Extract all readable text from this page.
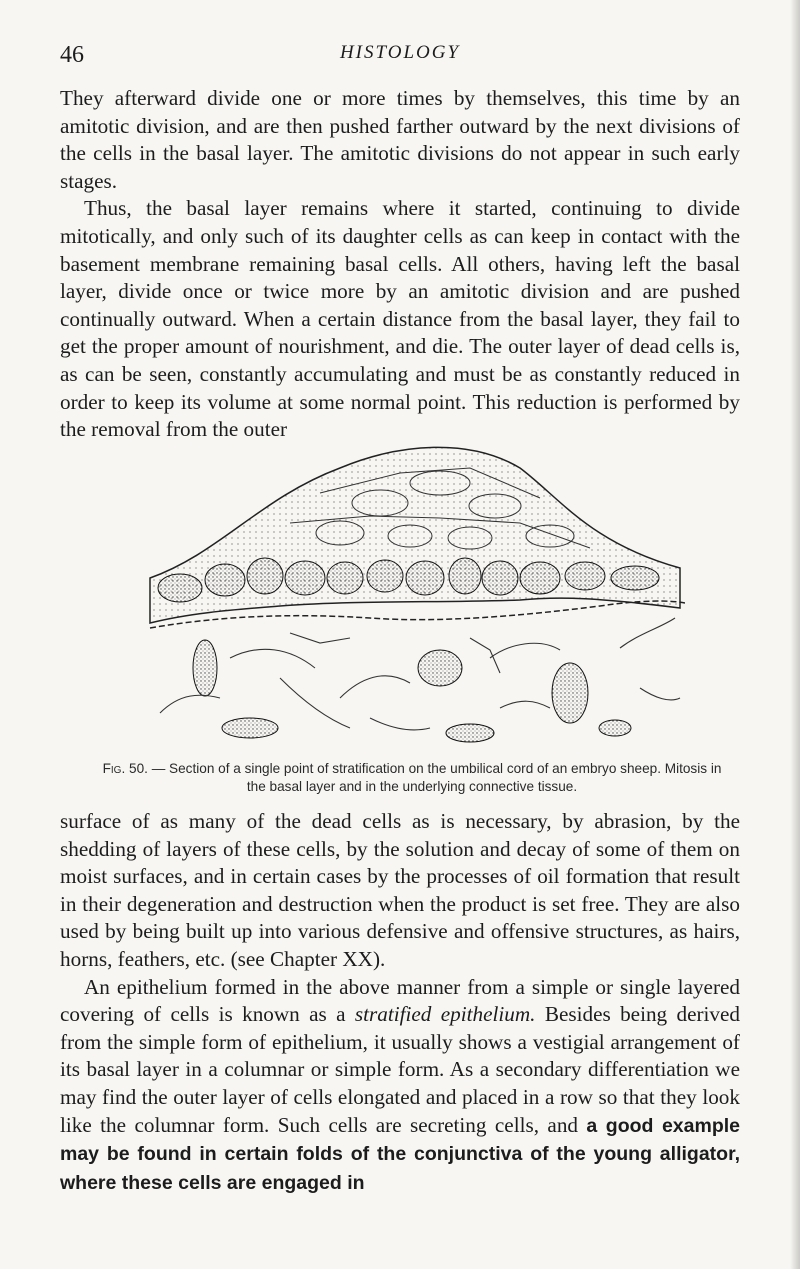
46	HISTOLOGY

They afterward divide one or more times by themselves, this time by an amitotic division, and are then pushed farther outward by the next divisions of the cells in the basal layer. The amitotic divisions do not appear in such early stages.

Thus, the basal layer remains where it started, continuing to divide mitotically, and only such of its daughter cells as can keep in contact with the basement membrane remaining basal cells. All others, having left the basal layer, divide once or twice more by an amitotic division and are pushed continually outward. When a certain distance from the basal layer, they fail to get the proper amount of nourishment, and die. The outer layer of dead cells is, as can be seen, constantly accumulating and must be as constantly reduced in order to keep its volume at some normal point. This reduction is performed by the removal from the outer

Fig. 50. — Section of a single point of stratification on the umbilical cord of an embryo sheep. Mitosis in the basal layer and in the underlying connective tissue.

surface of as many of the dead cells as is necessary, by abrasion, by the shedding of layers of these cells, by the solution and decay of some of them on moist surfaces, and in certain cases by the processes of oil formation that result in their degeneration and destruction when the product is set free. They are also used by being built up into various defensive and offensive structures, as hairs, horns, feathers, etc. (see Chapter XX).

An epithelium formed in the above manner from a simple or single layered covering of cells is known as a stratified epithelium. Besides being derived from the simple form of epithelium, it usually shows a vestigial arrangement of its basal layer in a columnar or simple form. As a secondary differentiation we may find the outer layer of cells elongated and placed in a row so that they look like the columnar form. Such cells are secreting cells, and a good example may be found in certain folds of the conjunctiva of the young alligator, where these cells are engaged in
